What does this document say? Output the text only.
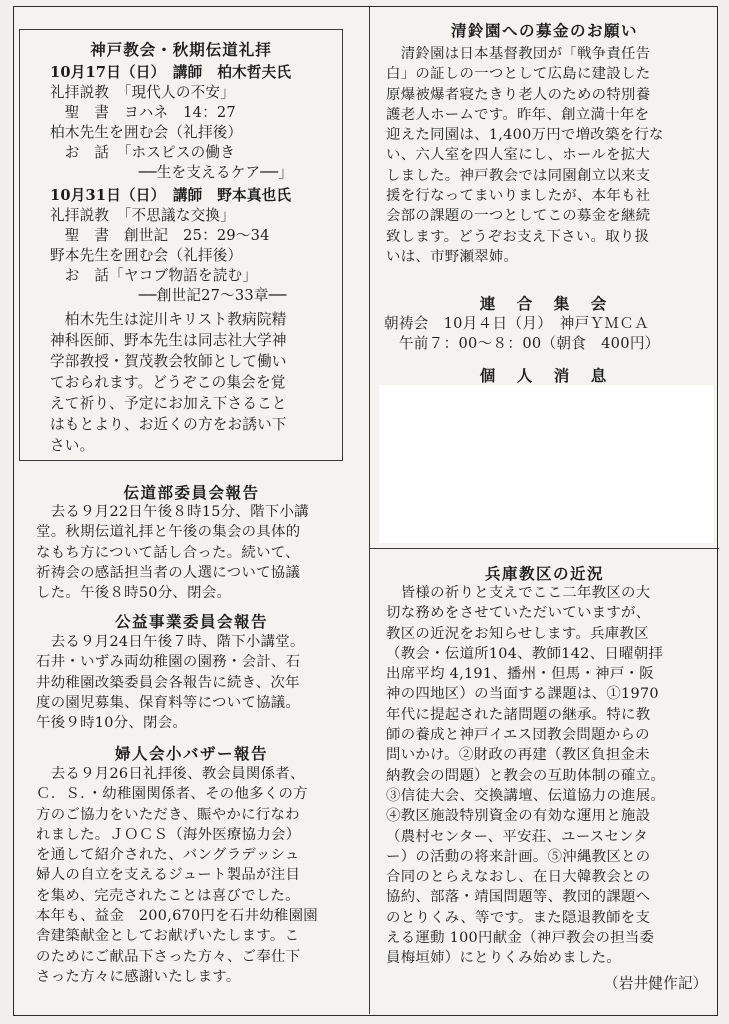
神戸教会・秋期伝道礼拝
10月17日（日）　講師　柏木哲夫氏
礼拝説教　「現代人の不安」
　聖　書　ヨハネ　14：27
柏木先生を囲む会（礼拝後）
　お　話　「ホスピスの働き
　　　　　　──生を支えるケア──」
10月31日（日）　講師　野本真也氏
礼拝説教　「不思議な交換」
　聖　書　創世記　25：29〜34
野本先生を囲む会（礼拝後）
　お　話「ヤコブ物語を読む」
　　　　　　──創世記27〜33章──
　柏木先生は淀川キリスト教病院精
神科医師、野本先生は同志社大学神
学部教授・賀茂教会牧師として働い
ておられます。どうぞこの集会を覚
えて祈り、予定にお加え下さること
はもとより、お近くの方をお誘い下
さい。
伝道部委員会報告
　去る９月22日午後８時15分、階下小講
堂。秋期伝道礼拝と午後の集会の具体的
なもち方について話し合った。続いて、
祈祷会の感話担当者の人選について協議
した。午後８時50分、閉会。
公益事業委員会報告
　去る９月24日午後７時、階下小講堂。
石井・いずみ両幼稚園の園務・会計、石
井幼稚園改築委員会各報告に続き、次年
度の園児募集、保育料等について協議。
午後９時10分、閉会。
婦人会小バザー報告
　去る９月26日礼拝後、教会員関係者、
Ｃ．Ｓ．・幼稚園関係者、その他多くの方
方のご協力をいただき、賑やかに行なわ
れました。ＪＯＣＳ（海外医療協力会）
を通して紹介された、バングラデッシュ
婦人の自立を支えるジュート製品が注目
を集め、完売されたことは喜びでした。
本年も、益金　200,670円を石井幼稚園園
舎建築献金としてお献げいたします。こ
のためにご献品下さった方々、ご奉仕下
さった方々に感謝いたします。
清鈴園への募金のお願い
　清鈴園は日本基督教団が「戦争責任告
白」の証しの一つとして広島に建設した
原爆被爆者寝たきり老人のための特別養
護老人ホームです。昨年、創立満十年を
迎えた同園は、1,400万円で増改築を行な
い、六人室を四人室にし、ホールを拡大
しました。神戸教会では同園創立以来支
援を行なってまいりましたが、本年も社
会部の課題の一つとしてこの募金を継続
致します。どうぞお支え下さい。取り扱
いは、市野瀬翠姉。
連　合　集　会
朝祷会　10月４日（月）　神戸ＹＭＣＡ
　午前７：00〜８：00（朝食　400円）
個　人　消　息
兵庫教区の近況
　皆様の祈りと支えでここ二年教区の大
切な務めをさせていただいていますが、
教区の近況をお知らせします。兵庫教区
（教会・伝道所104、教師142、日曜朝拝
出席平均 4,191、播州・但馬・神戸・阪
神の四地区）の当面する課題は、①1970
年代に提起された諸問題の継承。特に教
師の養成と神戸イエス団教会問題からの
問いかけ。②財政の再建（教区負担金未
納教会の問題）と教会の互助体制の確立。
③信徒大会、交換講壇、伝道協力の進展。
④教区施設特別資金の有効な運用と施設
（農村センター、平安荘、ユースセンタ
ー）の活動の将来計画。⑤沖縄教区との
合同のとらえなおし、在日大韓教会との
協約、部落・靖国問題等、教団的課題へ
のとりくみ、等です。また隠退教師を支
える運動 100円献金（神戸教会の担当委
員梅垣姉）にとりくみ始めました。
（岩井健作記）
